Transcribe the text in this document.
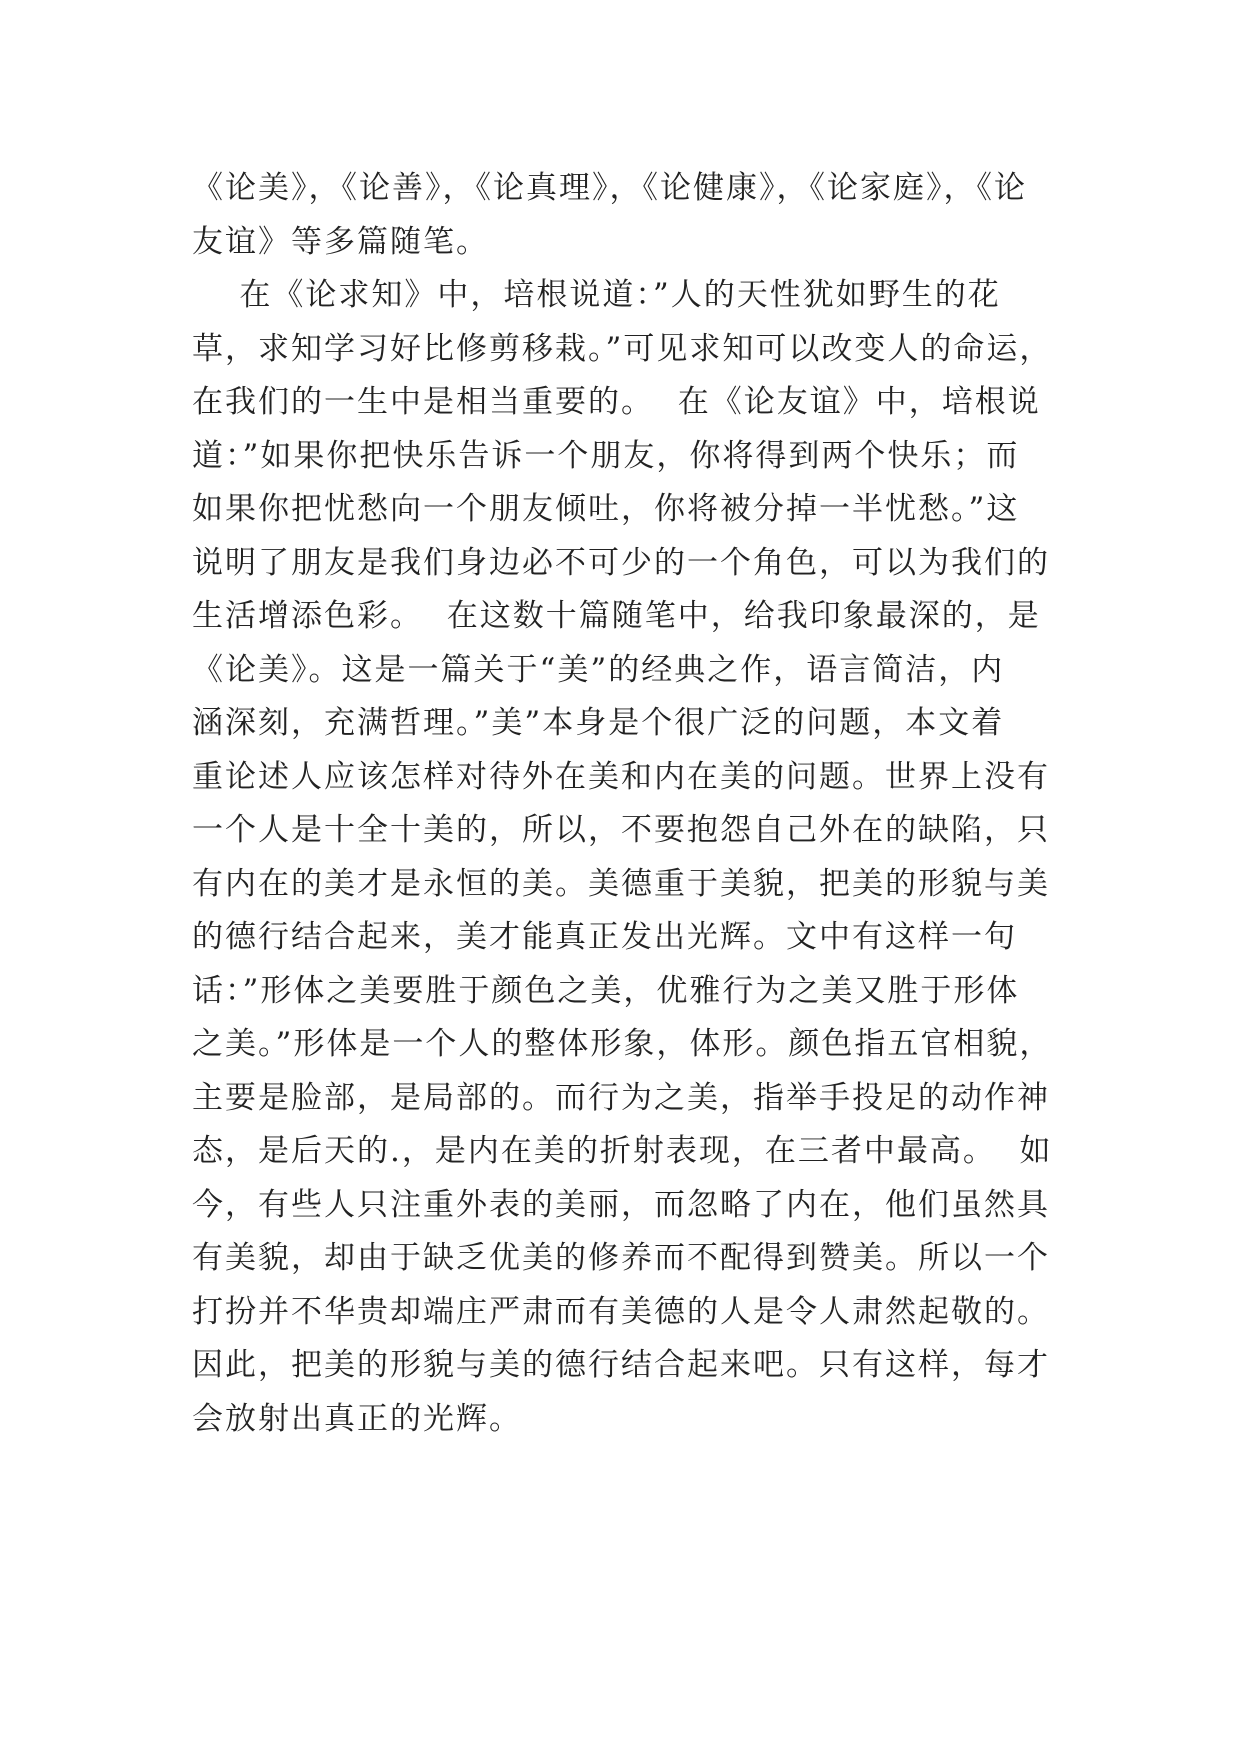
《论美》，《论善》，《论真理》，《论健康》，《论家庭》，《论
友谊》等多篇随笔。
在《论求知》中，培根说道：”人的天性犹如野生的花
草，求知学习好比修剪移栽。”可见求知可以改变人的命运，
在我们的一生中是相当重要的。  在《论友谊》中，培根说
道：”如果你把快乐告诉一个朋友，你将得到两个快乐；而
如果你把忧愁向一个朋友倾吐，你将被分掉一半忧愁。”这
说明了朋友是我们身边必不可少的一个角色，可以为我们的
生活增添色彩。  在这数十篇随笔中，给我印象最深的，是
《论美》。这是一篇关于“美”的经典之作，语言简洁，内
涵深刻，充满哲理。”美”本身是个很广泛的问题，本文着
重论述人应该怎样对待外在美和内在美的问题。世界上没有
一个人是十全十美的，所以，不要抱怨自己外在的缺陷，只
有内在的美才是永恒的美。美德重于美貌，把美的形貌与美
的德行结合起来，美才能真正发出光辉。文中有这样一句
话：”形体之美要胜于颜色之美，优雅行为之美又胜于形体
之美。”形体是一个人的整体形象，体形。颜色指五官相貌，
主要是脸部，是局部的。而行为之美，指举手投足的动作神
态，是后天的.，是内在美的折射表现，在三者中最高。  如
今，有些人只注重外表的美丽，而忽略了内在，他们虽然具
有美貌，却由于缺乏优美的修养而不配得到赞美。所以一个
打扮并不华贵却端庄严肃而有美德的人是令人肃然起敬的。
因此，把美的形貌与美的德行结合起来吧。只有这样，每才
会放射出真正的光辉。
